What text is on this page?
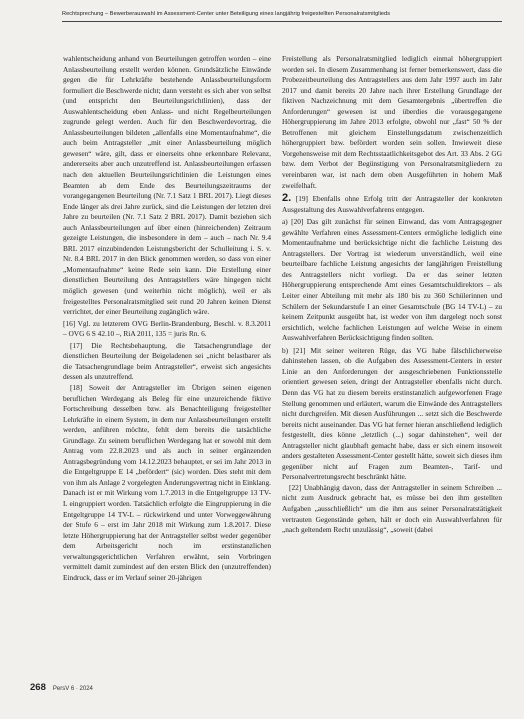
Rechtsprechung – Bewerberauswahl im Assessment-Center unter Beteiligung eines langjährig freigestellten Personalratsmitglieds

wahlentscheidung anhand von Beurteilungen getroffen worden – eine Anlassbeurteilung erstellt werden können. Grundsätzliche Einwände gegen die für Lehrkräfte bestehende Anlassbeurteilungsform formuliert die Beschwerde nicht; dann versteht es sich aber von selbst (und entspricht den Beurteilungsrichtlinien), dass der Auswahlentscheidung eben Anlass- und nicht Regelbeurteilungen zugrunde gelegt werden. Auch für den Beschwerdevortrag, die Anlassbeurteilungen bildeten „allenfalls eine Momentaufnahme“, die auch beim Antragsteller „mit einer Anlassbeurteilung möglich gewesen“ wäre, gilt, dass er einerseits ohne erkennbare Relevanz, andererseits aber auch unzutreffend ist. Anlassbeurteilungen erfassen nach den aktuellen Beurteilungsrichtlinien die Leistungen eines Beamten ab dem Ende des Beurteilungszeitraums der vorangegangenen Beurteilung (Nr. 7.1 Satz 1 BRL 2017). Liegt dieses Ende länger als drei Jahre zurück, sind die Leistungen der letzten drei Jahre zu beurteilen (Nr. 7.1 Satz 2 BRL 2017). Damit beziehen sich auch Anlassbeurteilungen auf über einen (hinreichenden) Zeitraum gezeigte Leistungen, die insbesondere in dem – auch – nach Nr. 9.4 BRL 2017 einzubindenden Leistungsbericht der Schulleitung i. S. v. Nr. 8.4 BRL 2017 in den Blick genommen werden, so dass von einer „Momentaufnahme“ keine Rede sein kann. Die Erstellung einer dienstlichen Beurteilung des Antragstellers wäre hingegen nicht möglich gewesen (und weiterhin nicht möglich), weil er als freigestelltes Personalratsmitglied seit rund 20 Jahren keinen Dienst verrichtet, der einer Beurteilung zugänglich wäre.

[16] Vgl. zu letzterem OVG Berlin-Brandenburg, Beschl. v. 8.3.2011 – OVG 6 S 42.10 –, RiA 2011, 135 = juris Rn. 6.

[17] Die Rechtsbehauptung, die Tatsachengrundlage der dienstlichen Beurteilung der Beigeladenen sei „nicht belastbarer als die Tatsachengrundlage beim Antragsteller“, erweist sich angesichts dessen als unzutreffend.

[18] Soweit der Antragsteller im Übrigen seinen eigenen beruflichen Werdegang als Beleg für eine unzureichende fiktive Fortschreibung desselben bzw. als Benachteiligung freigestellter Lehrkräfte in einem System, in dem nur Anlassbeurteilungen erstellt werden, anführen möchte, fehlt dem bereits die tatsächliche Grundlage. Zu seinem beruflichen Werdegang hat er sowohl mit dem Antrag vom 22.8.2023 und als auch in seiner ergänzenden Antragsbegründung vom 14.12.2023 behauptet, er sei im Jahr 2013 in die Entgeltgruppe E 14 „befördert“ (sic) worden. Dies steht mit dem von ihm als Anlage 2 vorgelegten Änderungsvertrag nicht in Einklang. Danach ist er mit Wirkung vom 1.7.2013 in die Entgeltgruppe 13 TV-L eingruppiert worden. Tatsächlich erfolgte die Eingruppierung in die Entgeltgruppe 14 TV-L – rückwirkend und unter Vorweggewährung der Stufe 6 – erst im Jahr 2018 mit Wirkung zum 1.8.2017. Diese letzte Höhergruppierung hat der Antragsteller selbst weder gegenüber dem Arbeitsgericht noch im erstinstanzlichen verwaltungsgerichtlichen Verfahren erwähnt, sein Vorbringen vermittelt damit zumindest auf den ersten Blick den (unzutreffenden) Eindruck, dass er im Verlauf seiner 20-jährigen

Freistellung als Personalratsmitglied lediglich einmal höhergruppiert worden sei. In diesem Zusammenhang ist ferner bemerkenswert, dass die Probezeitbeurteilung des Antragstellers aus dem Jahr 1997 auch im Jahr 2017 und damit bereits 20 Jahre nach ihrer Erstellung Grundlage der fiktiven Nachzeichnung mit dem Gesamtergebnis „übertreffen die Anforderungen“ gewesen ist und überdies die vorausgegangene Höhergruppierung im Jahre 2013 erfolgte, obwohl nur „fast“ 50 % der Betroffenen mit gleichem Einstellungsdatum zwischenzeitlich höhergruppiert bzw. befördert worden sein sollen. Inwieweit diese Vorgehensweise mit dem Rechtsstaatlichkeitsgebot des Art. 33 Abs. 2 GG bzw. dem Verbot der Begünstigung von Personalratsmitgliedern zu vereinbaren war, ist nach dem oben Ausgeführten in hohem Maß zweifelhaft.

2. [19] Ebenfalls ohne Erfolg tritt der Antragsteller der konkreten Ausgestaltung des Auswahlverfahrens entgegen.

a) [20] Das gilt zunächst für seinen Einwand, das vom Antragsgegner gewählte Verfahren eines Assessment-Centers ermögliche lediglich eine Momentaufnahme und berücksichtige nicht die fachliche Leistung des Antragstellers. Der Vortrag ist wiederum unverständlich, weil eine beurteilbare fachliche Leistung angesichts der langjährigen Freistellung des Antragstellers nicht vorliegt. Da er das seiner letzten Höhergruppierung entsprechende Amt eines Gesamtschuldirektors – als Leiter einer Abteilung mit mehr als 180 bis zu 360 Schülerinnen und Schülern der Sekundarstufe I an einer Gesamtschule (BG 14 TV-L) – zu keinem Zeitpunkt ausgeübt hat, ist weder von ihm dargelegt noch sonst ersichtlich, welche fachlichen Leistungen auf welche Weise in einem Auswahlverfahren Berücksichtigung finden sollten.

b) [21] Mit seiner weiteren Rüge, das VG habe fälschlicherweise dahinstehen lassen, ob die Aufgaben des Assessment-Centers in erster Linie an den Anforderungen der ausgeschriebenen Funktionsstelle orientiert gewesen seien, dringt der Antragsteller ebenfalls nicht durch. Denn das VG hat zu diesem bereits erstinstanzlich aufgeworfenen Frage Stellung genommen und erläutert, warum die Einwände des Antragstellers nicht durchgreifen. Mit diesen Ausführungen ... setzt sich die Beschwerde bereits nicht auseinander. Das VG hat ferner hieran anschließend lediglich festgestellt, dies könne „letztlich (...) sogar dahinstehen“, weil der Antragsteller nicht glaubhaft gemacht habe, dass er sich einem insoweit anders gestalteten Assessment-Center gestellt hätte, soweit sich dieses ihm gegenüber nicht auf Fragen zum Beamten-, Tarif- und Personalvertretungsrecht beschränkt hätte.

[22] Unabhängig davon, dass der Antragsteller in seinem Schreiben ... nicht zum Ausdruck gebracht hat, es müsse bei den ihm gestellten Aufgaben „ausschließlich“ um die ihm aus seiner Personalratstätigkeit vertrauten Gegenstände gehen, hält er doch ein Auswahlverfahren für „nach geltendem Recht unzulässig“, „soweit (dabei

268 PersV 6 · 2024
